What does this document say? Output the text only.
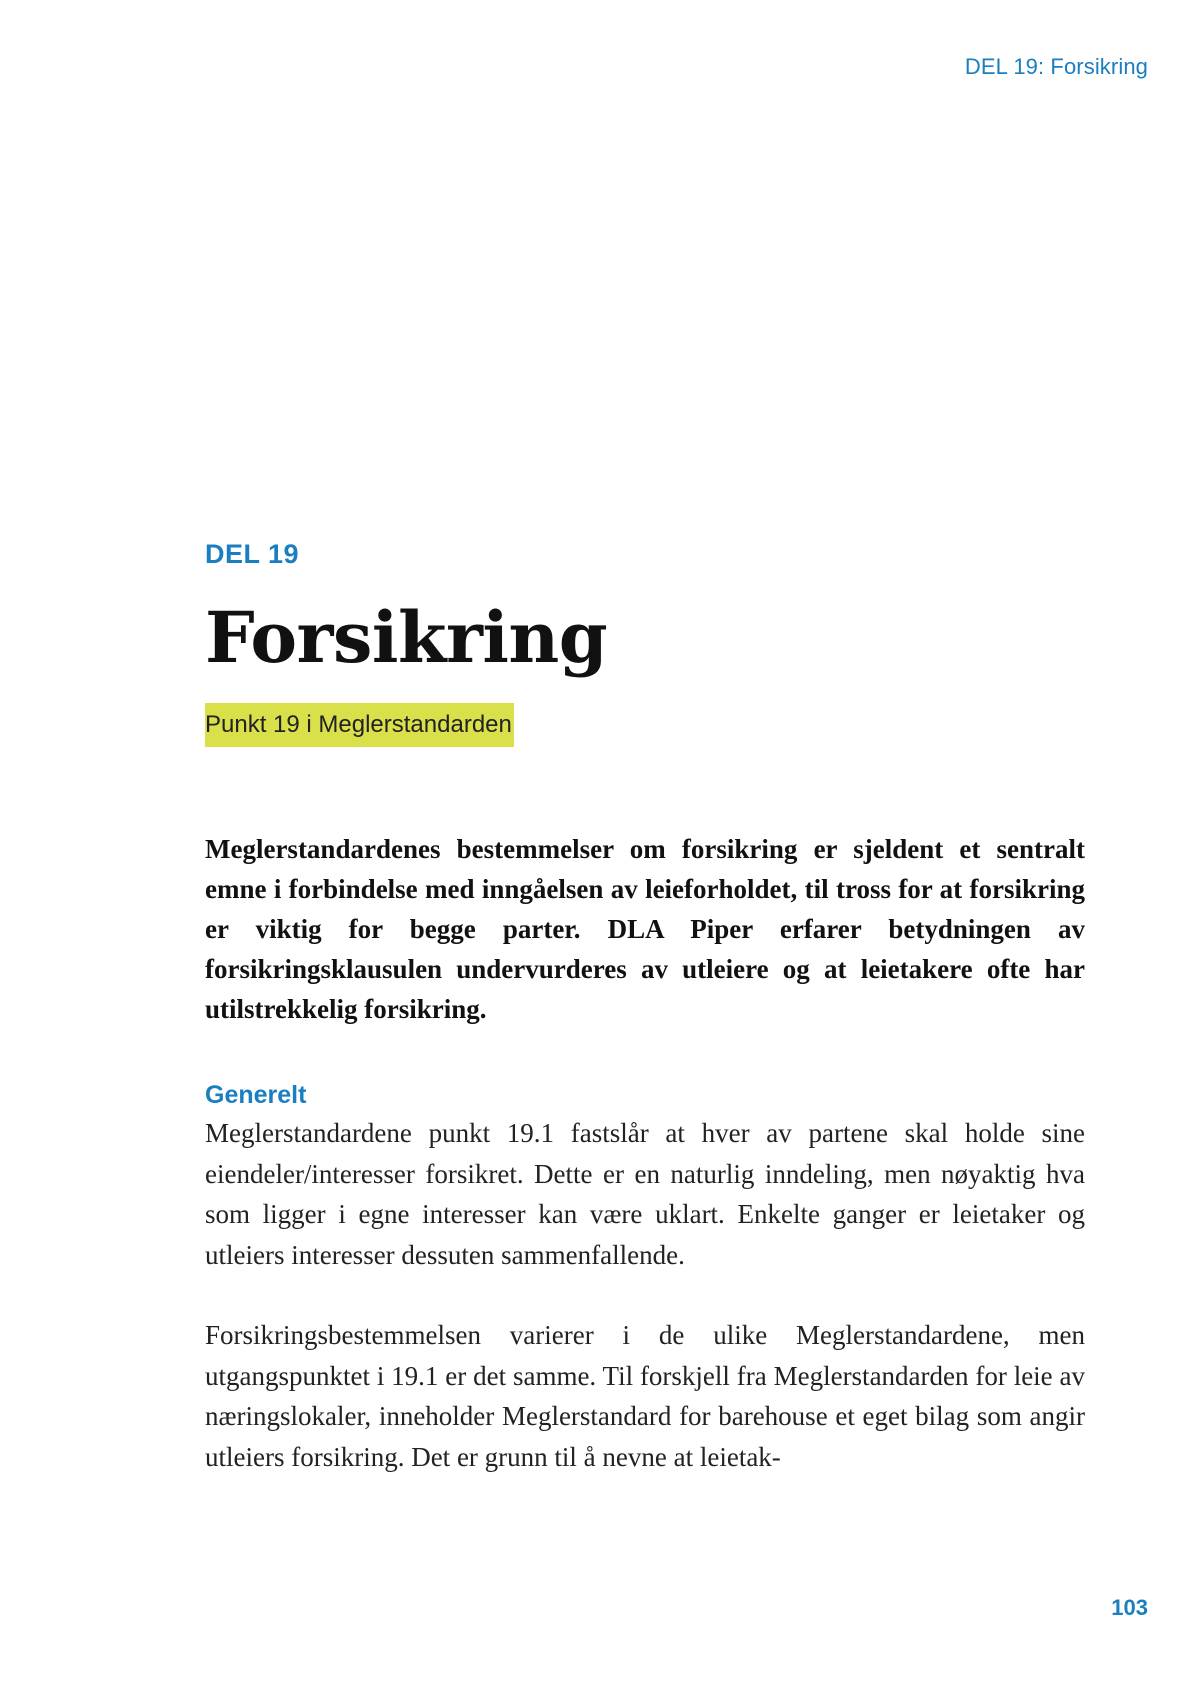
DEL 19: Forsikring
DEL 19
Forsikring
Punkt 19 i Meglerstandarden

Meglerstandardenes bestemmelser om forsikring er sjeldent et sentralt emne i forbindelse med inngåelsen av leieforholdet, til tross for at forsikring er viktig for begge parter. DLA Piper erfarer betydningen av forsikringsklausulen undervurderes av utleiere og at leietakere ofte har utilstrekkelig forsikring.

Generelt

Meglerstandardene punkt 19.1 fastslår at hver av partene skal holde sine eiendeler/interesser forsikret. Dette er en naturlig inndeling, men nøyaktig hva som ligger i egne interesser kan være uklart. Enkelte ganger er leietaker og utleiers interesser dessuten sammenfallende.

Forsikringsbestemmelsen varierer i de ulike Meglerstandardene, men utgangspunktet i 19.1 er det samme. Til forskjell fra Meglerstandarden for leie av næringslokaler, inneholder Meglerstandard for barehouse et eget bilag som angir utleiers forsikring. Det er grunn til å nevne at leietak-

103
